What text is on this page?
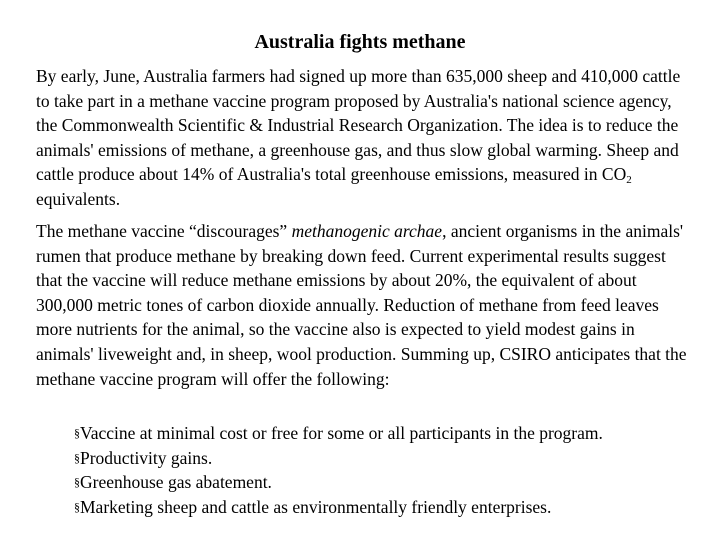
Australia fights methane

By early, June, Australia farmers had signed up more than 635,000 sheep and 410,000 cattle to take part in a methane vaccine program proposed by Australia's national science agency, the Commonwealth Scientific & Industrial Research Organization. The idea is to reduce the animals' emissions of methane, a greenhouse gas, and thus slow global warming. Sheep and cattle produce about 14% of Australia's total greenhouse emissions, measured in $CO_2$ equivalents.

The methane vaccine “discourages” methanogenic archae, ancient organisms in the animals' rumen that produce methane by breaking down feed. Current experimental results suggest that the vaccine will reduce methane emissions by about 20%, the equivalent of about 300,000 metric tones of carbon dioxide annually. Reduction of methane from feed leaves more nutrients for the animal, so the vaccine also is expected to yield modest gains in animals' liveweight and, in sheep, wool production. Summing up, CSIRO anticipates that the methane vaccine program will offer the following:

§Vaccine at minimal cost or free for some or all participants in the program.
§Productivity gains.
§Greenhouse gas abatement.
§Marketing sheep and cattle as environmentally friendly enterprises.
